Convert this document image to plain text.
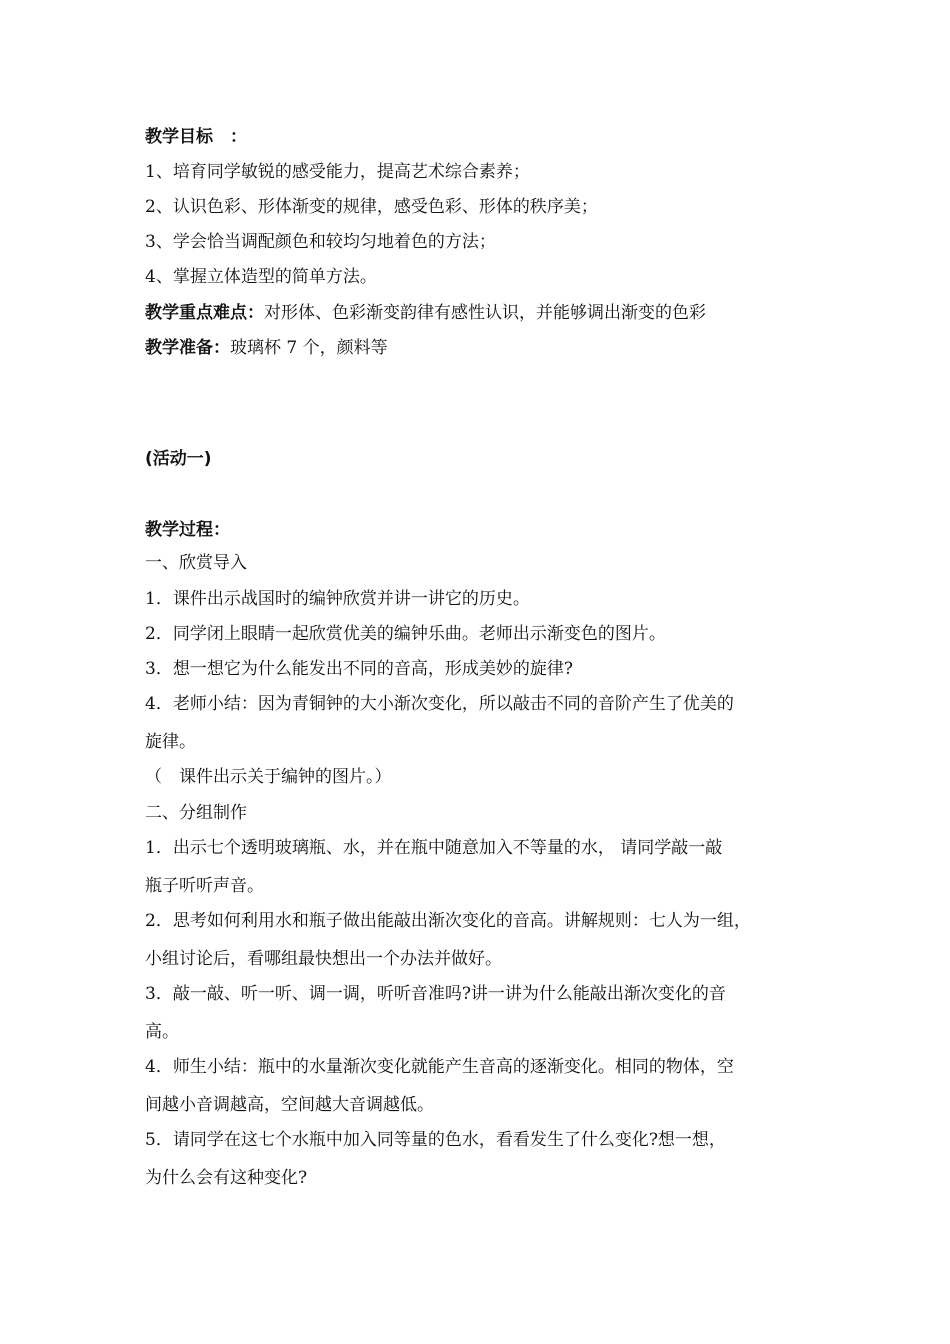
教学目标　：
1、培育同学敏锐的感受能力，提高艺术综合素养；
2、认识色彩、形体渐变的规律，感受色彩、形体的秩序美；
3、学会恰当调配颜色和较均匀地着色的方法；
4、掌握立体造型的简单方法。
教学重点难点：对形体、色彩渐变韵律有感性认识，并能够调出渐变的色彩
教学准备：玻璃杯 7 个，颜料等
(活动一)
教学过程：
一、欣赏导入
1．课件出示战国时的编钟欣赏并讲一讲它的历史。
2．同学闭上眼睛一起欣赏优美的编钟乐曲。老师出示渐变色的图片。
3．想一想它为什么能发出不同的音高，形成美妙的旋律?
4．老师小结：因为青铜钟的大小渐次变化，所以敲击不同的音阶产生了优美的
旋律。
（　课件出示关于编钟的图片。）
二、分组制作
1．出示七个透明玻璃瓶、水，并在瓶中随意加入不等量的水， 请同学敲一敲
瓶子听听声音。
2．思考如何利用水和瓶子做出能敲出渐次变化的音高。讲解规则：七人为一组，
小组讨论后，看哪组最快想出一个办法并做好。
3．敲一敲、听一听、调一调，听听音准吗?讲一讲为什么能敲出渐次变化的音
高。
4．师生小结：瓶中的水量渐次变化就能产生音高的逐渐变化。相同的物体，空
间越小音调越高，空间越大音调越低。
5．请同学在这七个水瓶中加入同等量的色水，看看发生了什么变化?想一想，
为什么会有这种变化?
